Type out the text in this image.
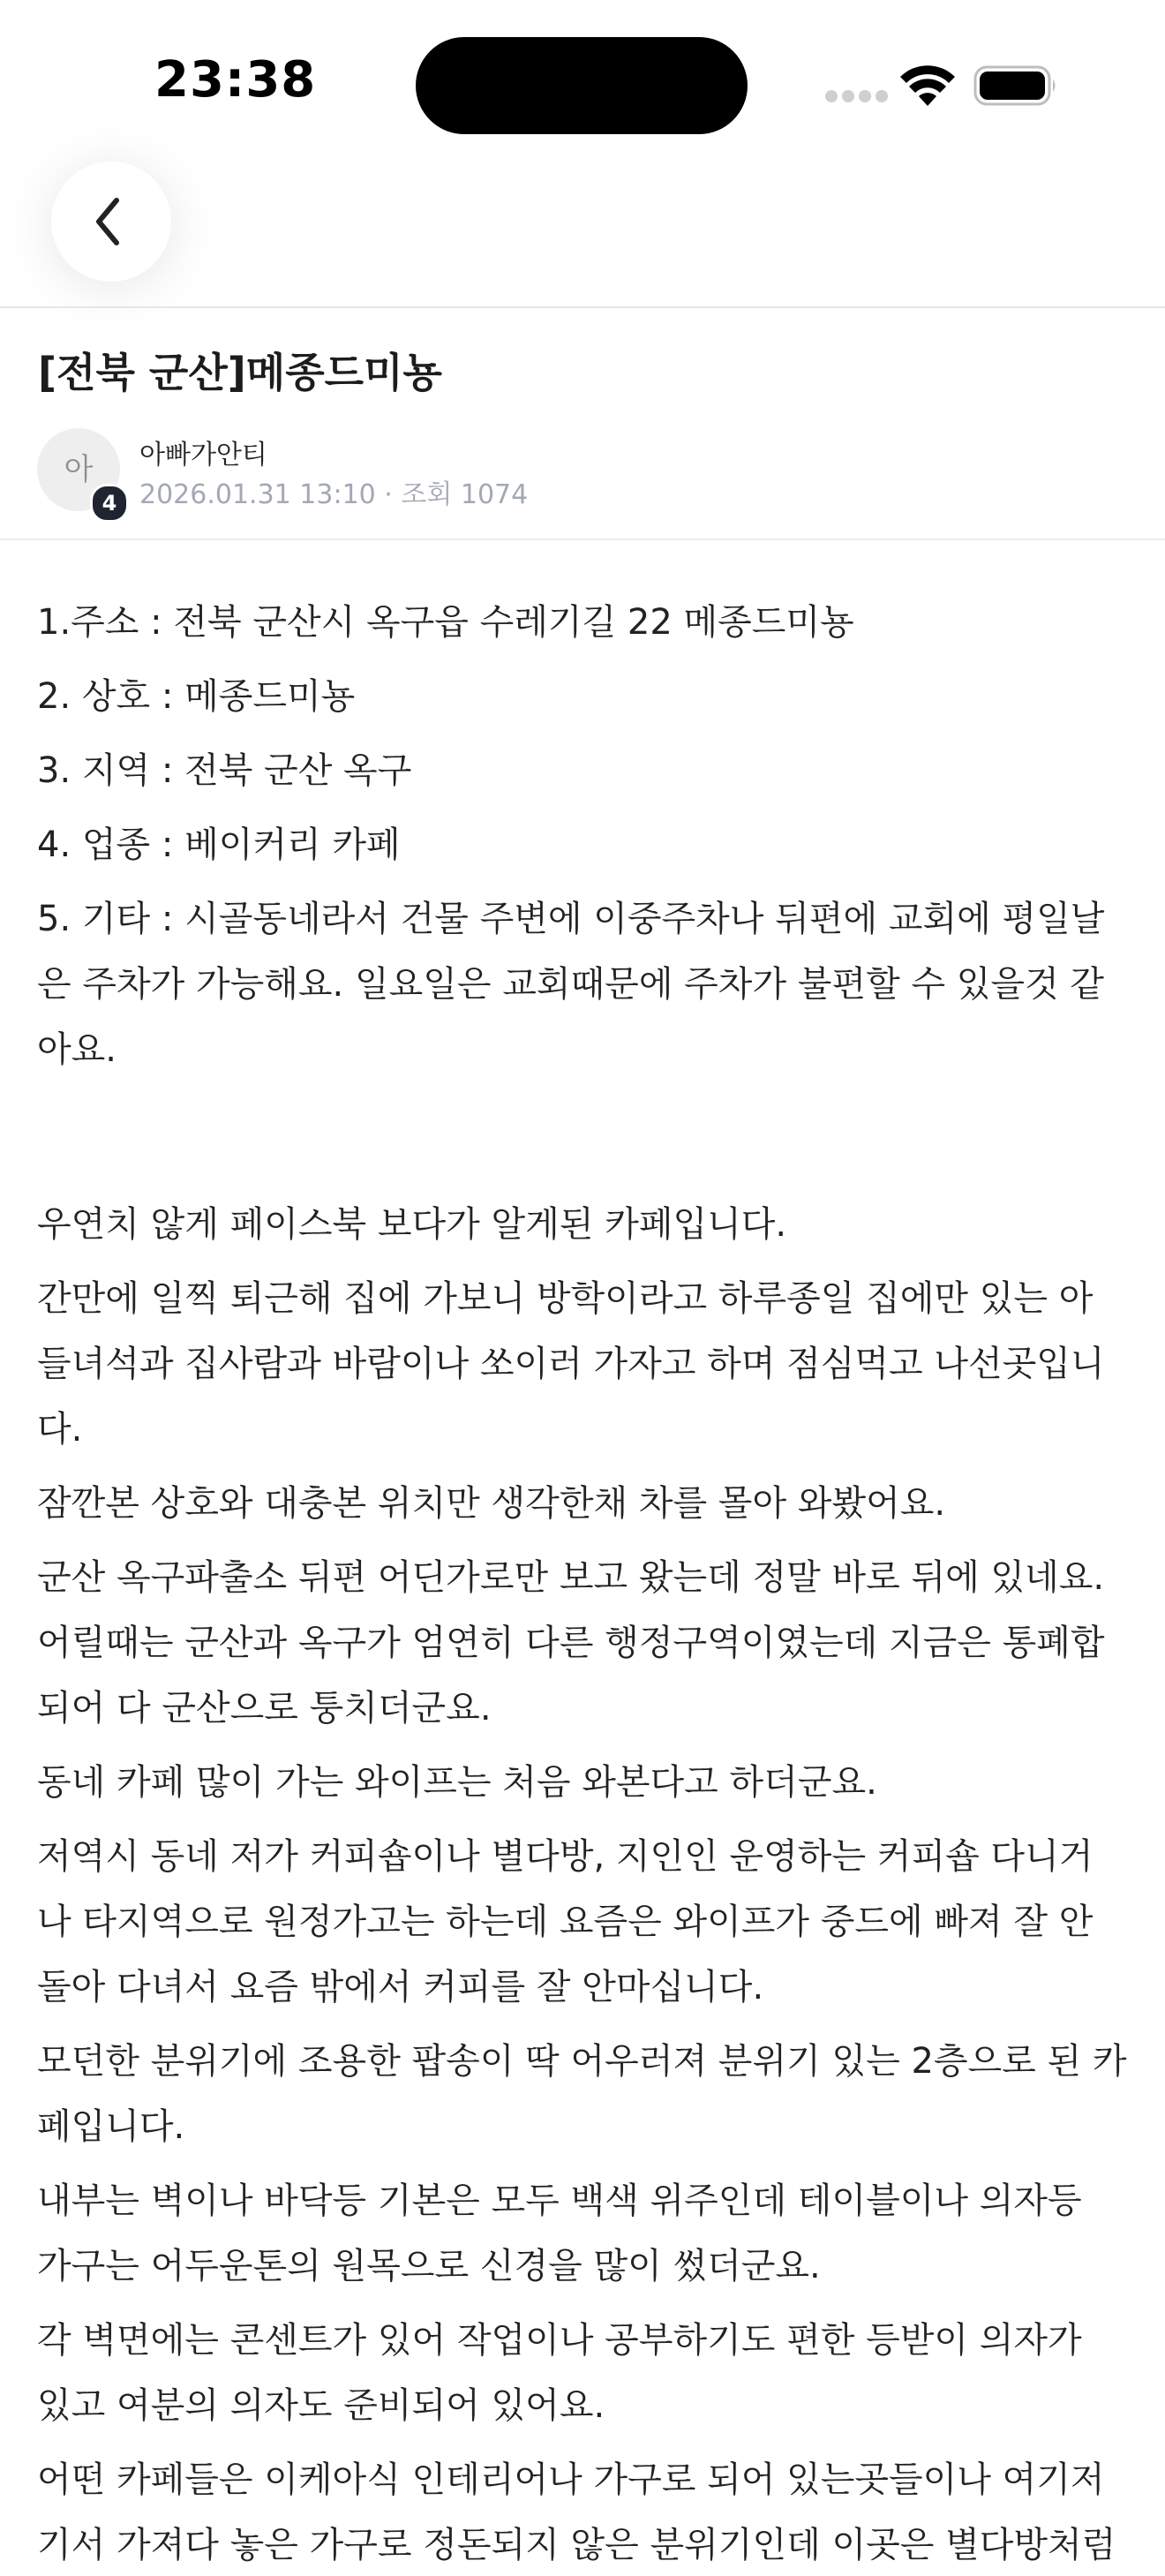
23:38
[전북 군산]메종드미뇽
아
4
아빠가안티
2026.01.31 13:10 · 조회 1074

1.주소 : 전북 군산시 옥구읍 수레기길 22 메종드미뇽

2. 상호 : 메종드미뇽

3. 지역 : 전북 군산 옥구

4. 업종 : 베이커리 카페

5. 기타 : 시골동네라서 건물 주변에 이중주차나 뒤편에 교회에 평일날

은 주차가 가능해요. 일요일은 교회때문에 주차가 불편할 수 있을것 같

아요.

우연치 않게 페이스북 보다가 알게된 카페입니다.

간만에 일찍 퇴근해 집에 가보니 방학이라고 하루종일 집에만 있는 아

들녀석과 집사람과 바람이나 쏘이러 가자고 하며 점심먹고 나선곳입니

다.

잠깐본 상호와 대충본 위치만 생각한채 차를 몰아 와봤어요.

군산 옥구파출소 뒤편 어딘가로만 보고 왔는데 정말 바로 뒤에 있네요.

어릴때는 군산과 옥구가 엄연히 다른 행정구역이였는데 지금은 통폐합

되어 다 군산으로 퉁치더군요.

동네 카페 많이 가는 와이프는 처음 와본다고 하더군요.

저역시 동네 저가 커피숍이나 별다방, 지인인 운영하는 커피숍 다니거

나 타지역으로 원정가고는 하는데 요즘은 와이프가 중드에 빠져 잘 안

돌아 다녀서 요즘 밖에서 커피를 잘 안마십니다.

모던한 분위기에 조용한 팝송이 딱 어우러져 분위기 있는 2층으로 된 카

페입니다.

내부는 벽이나 바닥등 기본은 모두 백색 위주인데 테이블이나 의자등

가구는 어두운톤의 원목으로 신경을 많이 썼더군요.

각 벽면에는 콘센트가 있어 작업이나 공부하기도 편한 등받이 의자가

있고 여분의 의자도 준비되어 있어요.

어떤 카페들은 이케아식 인테리어나 가구로 되어 있는곳들이나 여기저

기서 가져다 놓은 가구로 정돈되지 않은 분위기인데 이곳은 별다방처럼
